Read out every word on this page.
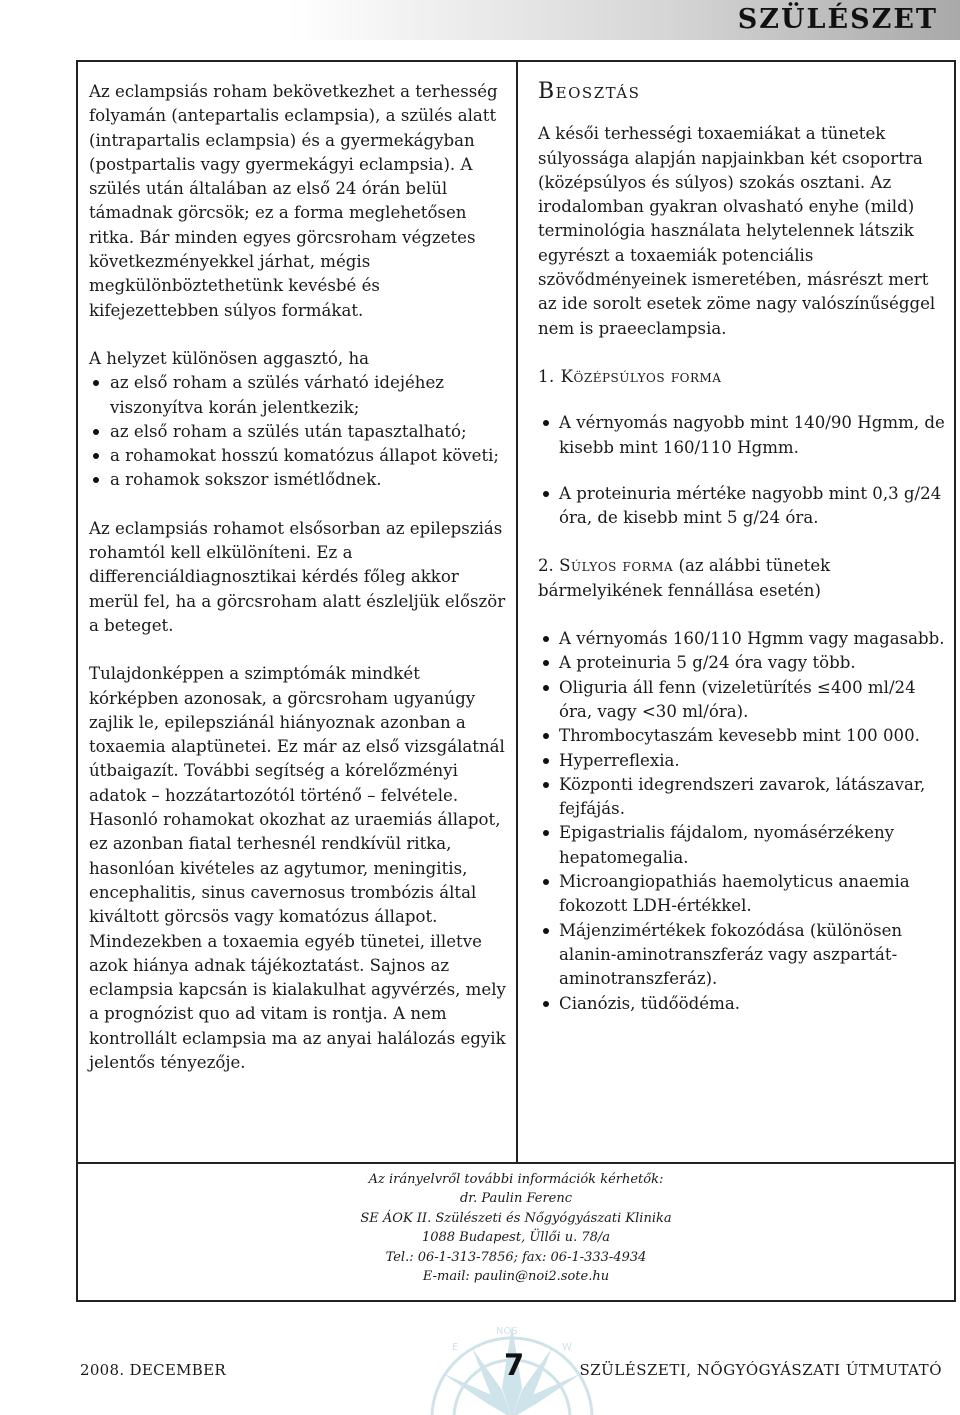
SZÜLÉSZET

Az eclampsiás roham bekövetkezhet a terhesség folyamán (antepartalis eclampsia), a szülés alatt (intrapartalis eclampsia) és a gyermekágyban (postpartalis vagy gyermekágyi eclampsia). A szülés után általában az első 24 órán belül támadnak görcsök; ez a forma meglehetősen ritka. Bár minden egyes görcsroham végzetes következményekkel járhat, mégis megkülönböztethetünk kevésbé és kifejezettebben súlyos formákat.

A helyzet különösen aggasztó, ha
az első roham a szülés várható idejéhez viszonyítva korán jelentkezik;
az első roham a szülés után tapasztalható;
a rohamokat hosszú komatózus állapot követi;
a rohamok sokszor ismétlődnek.

Az eclampsiás rohamot elsősorban az epilepsziás rohamtól kell elkülöníteni. Ez a differenciáldiagnosztikai kérdés főleg akkor merül fel, ha a görcsroham alatt észleljük először a beteget.

Tulajdonképpen a szimptómák mindkét kórképben azonosak, a görcsroham ugyanúgy zajlik le, epilepsziánál hiányoznak azonban a toxaemia alaptünetei. Ez már az első vizsgálatnál útbaigazít. További segítség a kórelőzményi adatok – hozzátartozótól történő – felvétele. Hasonló rohamokat okozhat az uraemiás állapot, ez azonban fiatal terhesnél rendkívül ritka, hasonlóan kivételes az agytumor, meningitis, encephalitis, sinus cavernosus trombózis által kiváltott görcsös vagy komatózus állapot. Mindezekben a toxaemia egyéb tünetei, illetve azok hiánya adnak tájékoztatást. Sajnos az eclampsia kapcsán is kialakulhat agyvérzés, mely a prognózist quo ad vitam is rontja. A nem kontrollált eclampsia ma az anyai halálozás egyik jelentős tényezője.

Beosztás

A késői terhességi toxaemiákat a tünetek súlyossága alapján napjainkban két csoportra (középsúlyos és súlyos) szokás osztani. Az irodalomban gyakran olvasható enyhe (mild) terminológia használata helytelennek látszik egyrészt a toxaemiák potenciális szövődményeinek ismeretében, másrészt mert az ide sorolt esetek zöme nagy valószínűséggel nem is praeeclampsia.

1. Középsúlyos forma
A vérnyomás nagyobb mint 140/90 Hgmm, de kisebb mint 160/110 Hgmm.
A proteinuria mértéke nagyobb mint 0,3 g/24 óra, de kisebb mint 5 g/24 óra.
2. Súlyos forma (az alábbi tünetek bármelyikének fennállása esetén)
A vérnyomás 160/110 Hgmm vagy magasabb.
A proteinuria 5 g/24 óra vagy több.
Oliguria áll fenn (vizeletürítés ≤400 ml/24 óra, vagy <30 ml/óra).
Thrombocytaszám kevesebb mint 100 000.
Hyperreflexia.
Központi idegrendszeri zavarok, látászavar, fejfájás.
Epigastrialis fájdalom, nyomásérzékeny hepatomegalia.
Microangiopathiás haemolyticus anaemia fokozott LDH-értékkel.
Májenzimértékek fokozódása (különösen alanin-aminotranszferáz vagy aszpartát-aminotranszferáz).
Cianózis, tüdőödéma.
Az irányelvről további információk kérhetők:
dr. Paulin Ferenc
SE ÁOK II. Szülészeti és Nőgyógyászati Klinika
1088 Budapest, Üllői u. 78/a
Tel.: 06-1-313-7856; fax: 06-1-333-4934
E-mail: paulin@noi2.sote.hu
NOS
W
E
2008. DECEMBER	7	SZÜLÉSZETI, NŐGYÓGYÁSZATI ÚTMUTATÓ
